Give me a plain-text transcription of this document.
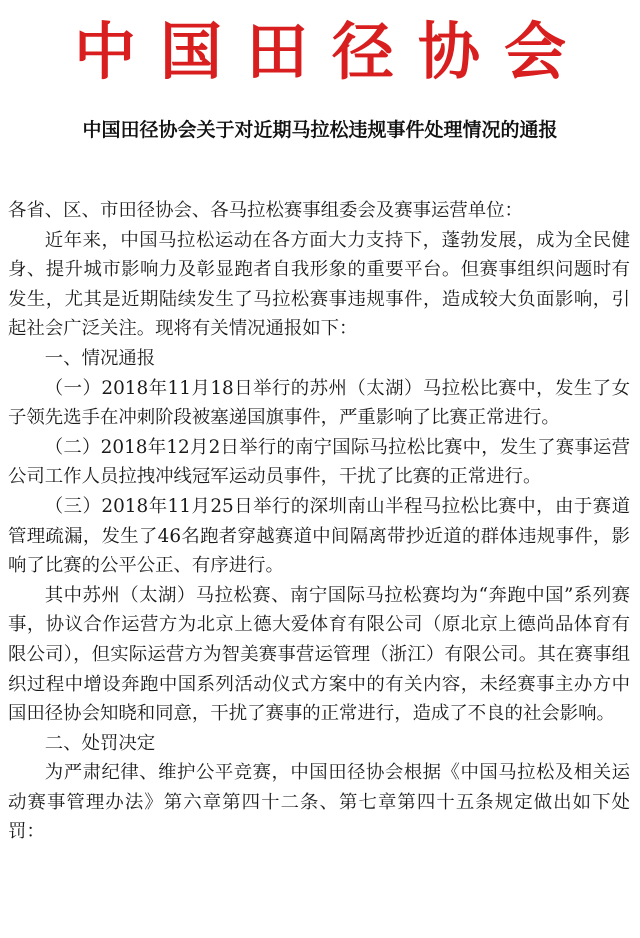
中国田径协会
中国田径协会关于对近期马拉松违规事件处理情况的通报

各省、区、市田径协会、各马拉松赛事组委会及赛事运营单位：

近年来，中国马拉松运动在各方面大力支持下，蓬勃发展，成为全民健身、提升城市影响力及彰显跑者自我形象的重要平台。但赛事组织问题时有发生，尤其是近期陆续发生了马拉松赛事违规事件，造成较大负面影响，引起社会广泛关注。现将有关情况通报如下：

一、情况通报

（一）2018年11月18日举行的苏州（太湖）马拉松比赛中，发生了女子领先选手在冲刺阶段被塞递国旗事件，严重影响了比赛正常进行。

（二）2018年12月2日举行的南宁国际马拉松比赛中，发生了赛事运营公司工作人员拉拽冲线冠军运动员事件，干扰了比赛的正常进行。

（三）2018年11月25日举行的深圳南山半程马拉松比赛中，由于赛道管理疏漏，发生了46名跑者穿越赛道中间隔离带抄近道的群体违规事件，影响了比赛的公平公正、有序进行。

其中苏州（太湖）马拉松赛、南宁国际马拉松赛均为“奔跑中国”系列赛事，协议合作运营方为北京上德大爱体育有限公司（原北京上德尚品体育有限公司），但实际运营方为智美赛事营运管理（浙江）有限公司。其在赛事组织过程中增设奔跑中国系列活动仪式方案中的有关内容，未经赛事主办方中国田径协会知晓和同意，干扰了赛事的正常进行，造成了不良的社会影响。

二、处罚决定

为严肃纪律、维护公平竞赛，中国田径协会根据《中国马拉松及相关运动赛事管理办法》第六章第四十二条、第七章第四十五条规定做出如下处罚：
